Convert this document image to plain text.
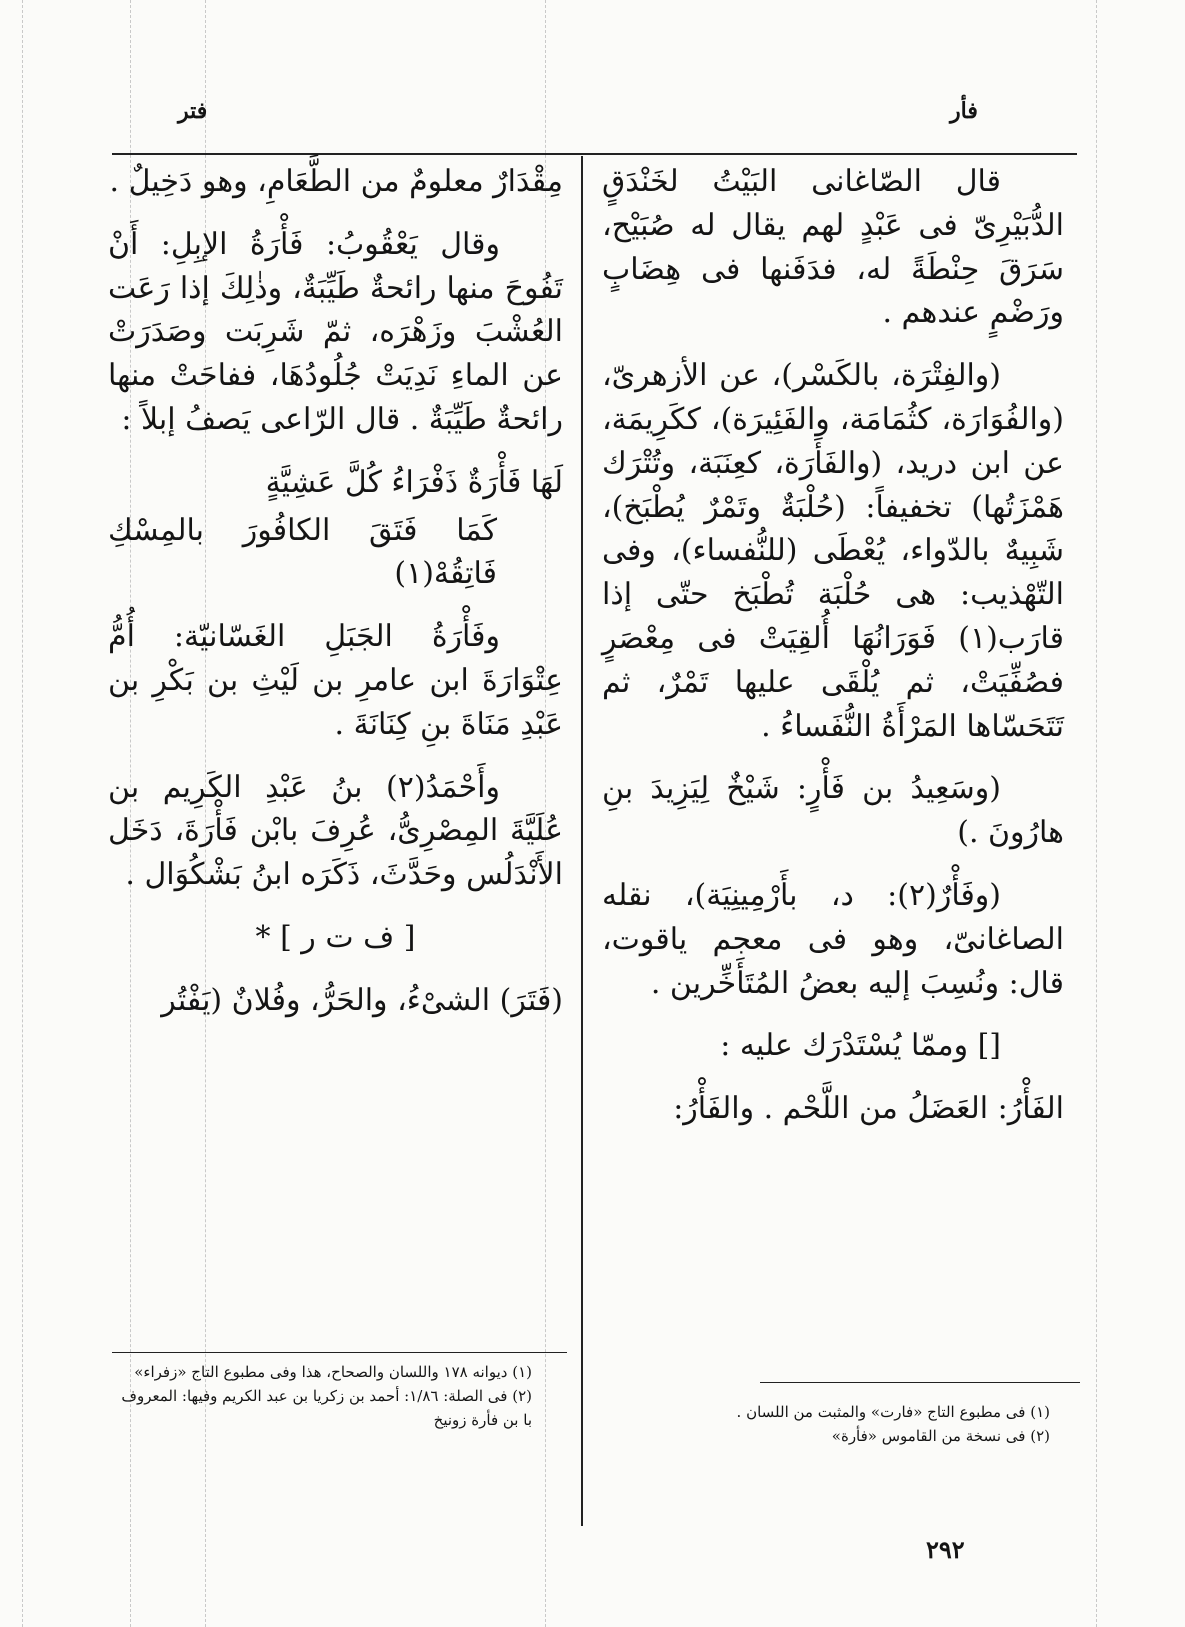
فأر
فتر

قال الصّاغانى البَيْتُ لخَنْدَقٍ الدُّبَيْرِىّ فى عَبْدٍ لهم يقال له صُبَيْح، سَرَقَ حِنْطَةً له، فدَفَنها فى هِضَابٍ ورَضْمٍ عندهم .

(والفِتْرَة، بالكَسْر)، عن الأزهرىّ، (والفُوَارَة، كثُمَامَة، والفَئِيرَة)، ككَرِيمَة، عن ابن دريد، (والفَأَرَة، كعِنَبَة، وتُتْرَك هَمْزَتُها) تخفيفاً: (حُلْبَةٌ وتَمْرٌ يُطْبَخ)، شَبِيهٌ بالدّواء، يُعْطَى (للنُّفساء)، وفى التّهْذيب: هى حُلْبَة تُطْبَخ حتّى إذا قارَب(١) فَوَرَانُهَا أُلقِيَتْ فى مِعْصَرٍ فصُفِّيَتْ، ثم يُلْقَى عليها تَمْرٌ، ثم تَتَحَسّاها المَرْأَةُ النُّفَساءُ .

(وسَعِيدُ بن فَأْرٍ: شَيْخٌ لِيَزِيدَ بنِ هارُونَ .)

(وفَأْرٌ(٢): د، بأَرْمِينِيَة)، نقله الصاغانىّ، وهو فى معجم ياقوت، قال: ونُسِبَ إليه بعضُ المُتَأَخِّرين .

[] وممّا يُسْتَدْرَك عليه :

الفَأْرُ: العَضَلُ من اللَّحْم . والفَأْرُ:

مِقْدَارٌ معلومٌ من الطَّعَامِ، وهو دَخِيلٌ .

وقال يَعْقُوبُ: فَأْرَةُ الإبِلِ: أَنْ تَفُوحَ منها رائحةٌ طَيِّبَةٌ، وذٰلِكَ إذا رَعَت العُشْبَ وزَهْرَه، ثمّ شَرِبَت وصَدَرَتْ عن الماءِ نَدِيَتْ جُلُودُهَا، ففاحَتْ منها رائحةٌ طَيِّبَةٌ . قال الرّاعى يَصفُ إبلاً :

لَهَا فَأْرَةٌ ذَفْرَاءُ كُلَّ عَشِيَّةٍ

كَمَا فَتَقَ الكافُورَ بالمِسْكِ فَاتِقُهْ(١)

وفَأْرَةُ الجَبَلِ الغَسّانيّة: أُمُّ عِتْوَارَةَ ابن عامرِ بن لَيْثِ بن بَكْرِ بن عَبْدِ مَنَاةَ بنِ كِنَانَةَ .

وأَحْمَدُ(٢) بنُ عَبْدِ الكَرِيم بن عُلَيَّةَ المِصْرِىُّ، عُرِفَ بابْن فَأْرَةَ، دَخَل الأَنْدَلُس وحَدَّثَ، ذَكَرَه ابنُ بَشْكُوَال .

[ ف ت ر ] *

(فَتَرَ) الشىْءُ، والحَرُّ، وفُلانٌ (يَفْتُر

(١) ديوانه ١٧٨ واللسان والصحاح، هذا وفى مطبوع التاج «زفراء»
(٢) فى الصلة: ١/٨٦: أحمد بن زكريا بن عبد الكريم وفيها: المعروف با بن فأرة زونيخ	(١) فى مطبوع التاج «فارت» والمثبت من اللسان .
(٢) فى نسخة من القاموس «فأرة»
٢٩٢
